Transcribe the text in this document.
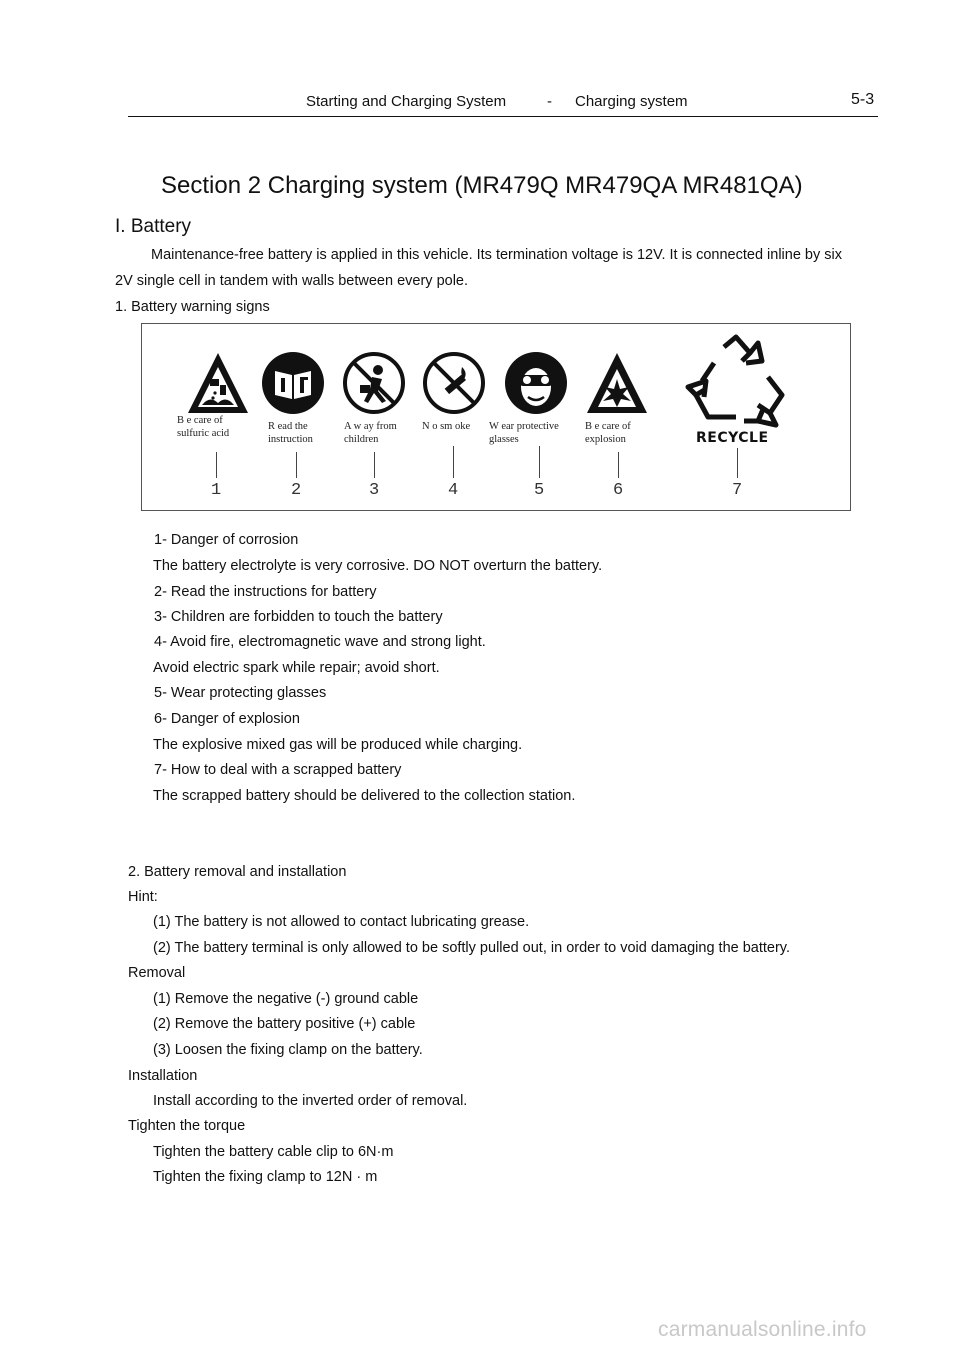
Starting and Charging System	- Charging system	5-3
Section 2 Charging system (MR479Q MR479QA MR481QA)
I. Battery
Maintenance-free battery is applied in this vehicle. Its termination voltage is 12V. It is connected inline by six
2V single cell in tandem with walls between every pole.
1. Battery warning signs
B e care of
sulfuric acid
R ead the
instruction
A w ay from
children
N o sm oke W ear protective
glasses
B e care of
explosion	RECYCLE
1	2	3	4	5	6	7
1- Danger of corrosion
The battery electrolyte is very corrosive. DO NOT overturn the battery.
2- Read the instructions for battery
3- Children are forbidden to touch the battery
4- Avoid fire, electromagnetic wave and strong light.
Avoid electric spark while repair; avoid short.
5- Wear protecting glasses
6- Danger of explosion
The explosive mixed gas will be produced while charging.
7- How to deal with a scrapped battery
The scrapped battery should be delivered to the collection station.
2. Battery removal and installation
Hint:
(1) The battery is not allowed to contact lubricating grease.
(2) The battery terminal is only allowed to be softly pulled out, in order to void damaging the battery.
Removal
(1) Remove the negative (-) ground cable
(2) Remove the battery positive (+) cable
(3) Loosen the fixing clamp on the battery.
Installation
Install according to the inverted order of removal.
Tighten the torque
Tighten the battery cable clip to 6N·m
Tighten the fixing clamp to 12N · m
carmanualsonline.info
